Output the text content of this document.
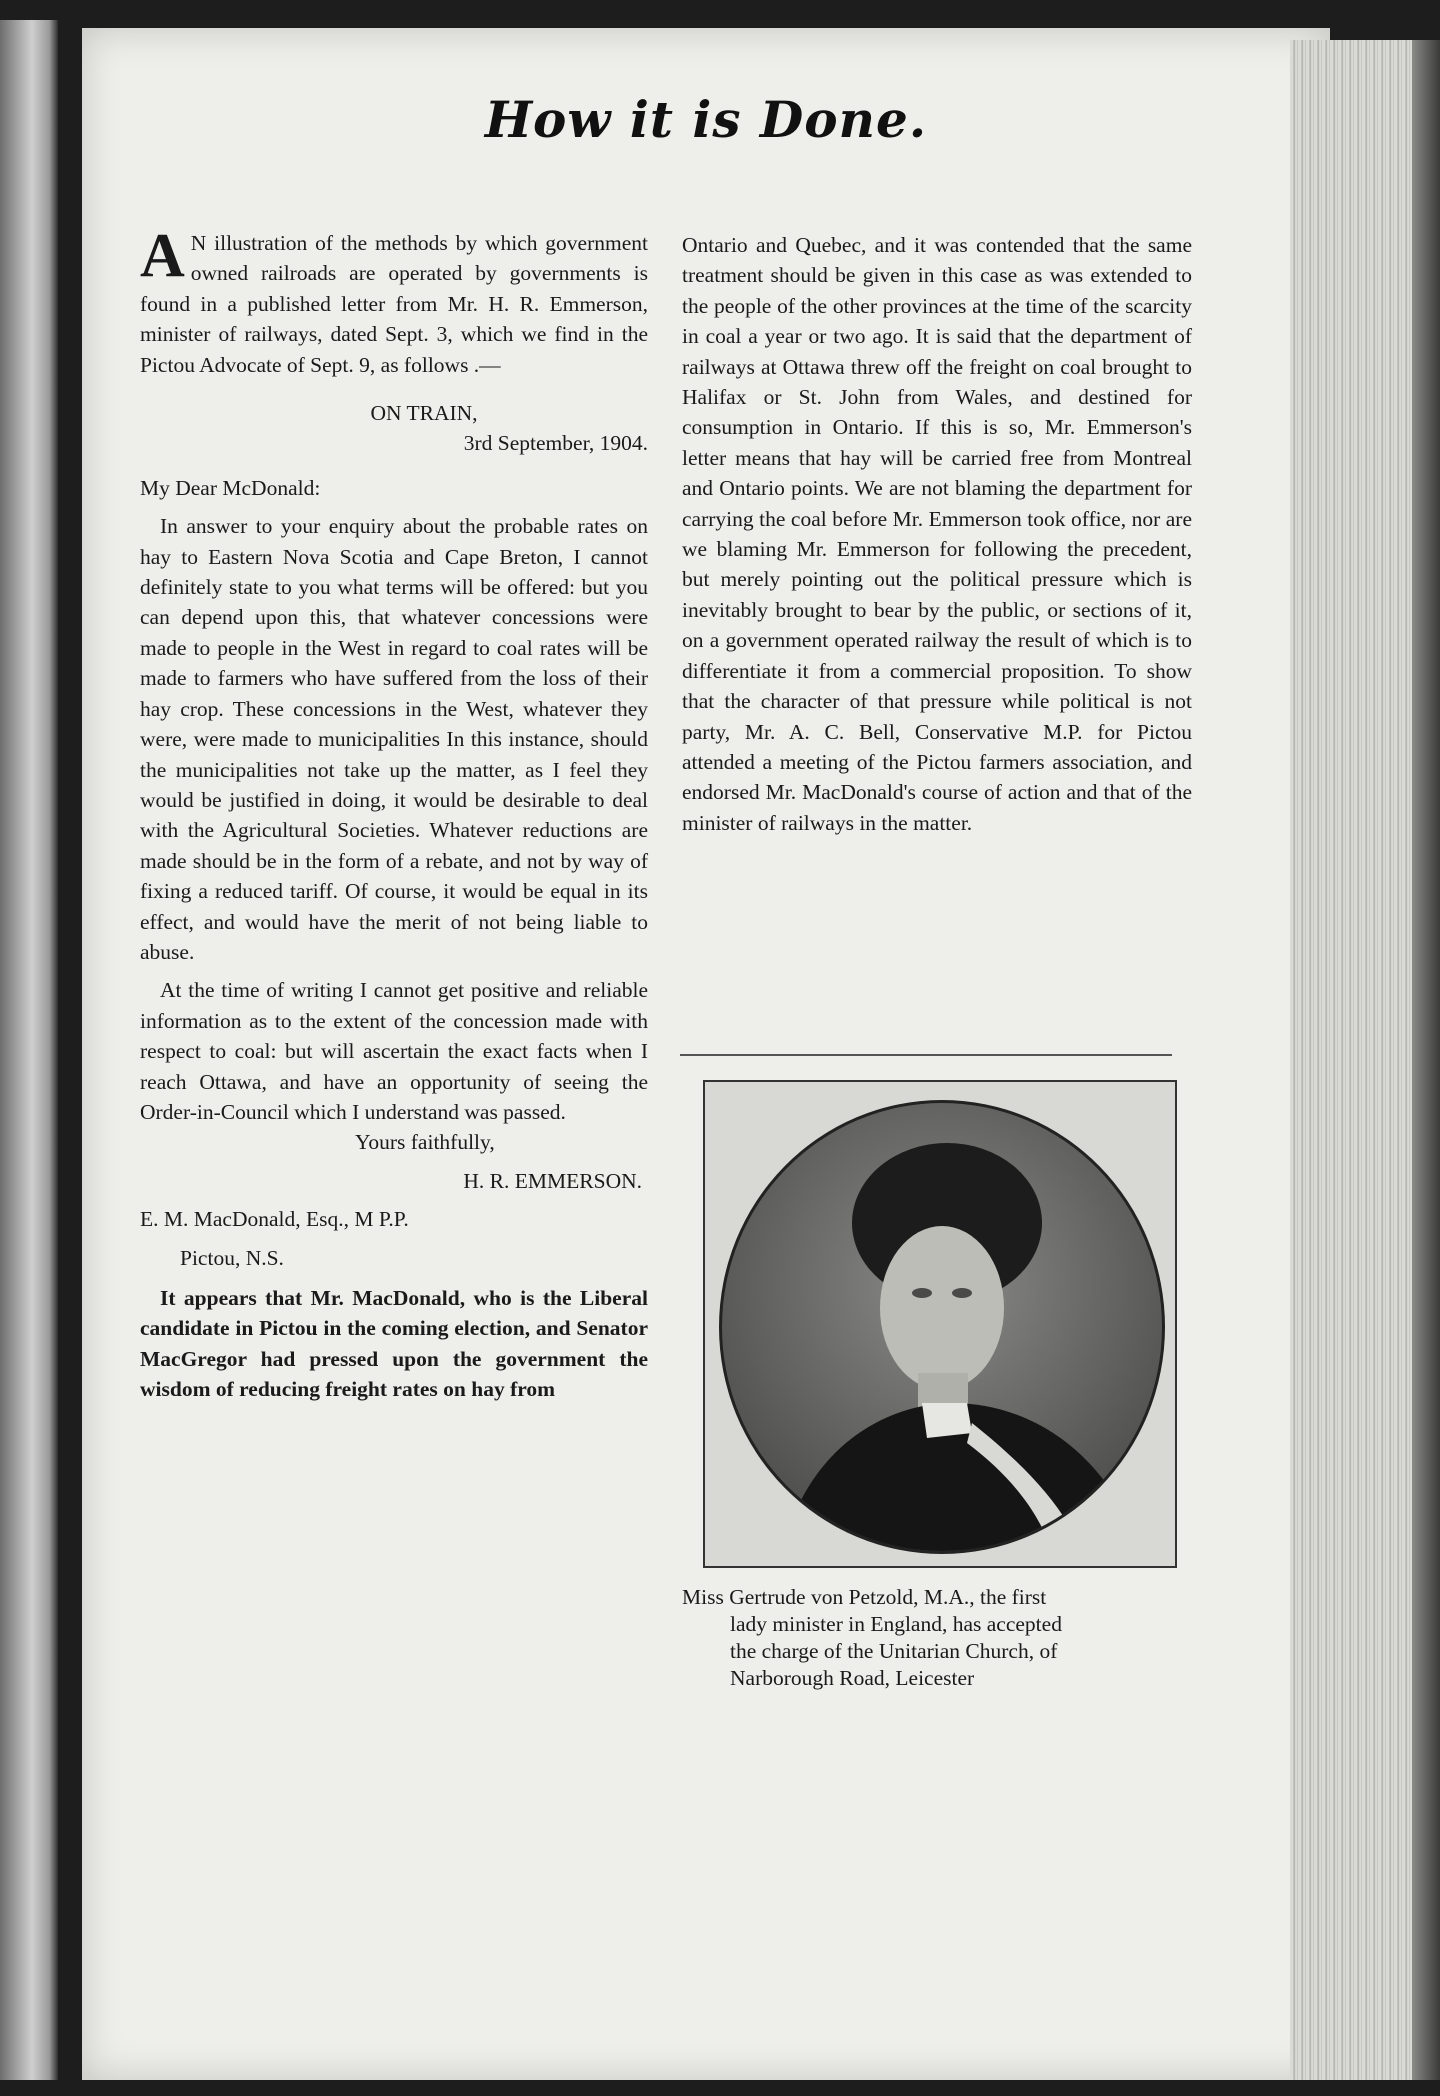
How it is Done.

A N illustration of the methods by which government owned railroads are operated by governments is found in a published letter from Mr. H. R. Emmerson, minister of railways, dated Sept. 3, which we find in the Pictou Advocate of Sept. 9, as follows .—

ON TRAIN,

3rd September, 1904.

My Dear McDonald:

In answer to your enquiry about the probable rates on hay to Eastern Nova Scotia and Cape Breton, I cannot definitely state to you what terms will be offered: but you can depend upon this, that whatever concessions were made to people in the West in regard to coal rates will be made to farmers who have suffered from the loss of their hay crop. These concessions in the West, whatever they were, were made to municipalities In this instance, should the municipalities not take up the matter, as I feel they would be justified in doing, it would be desirable to deal with the Agricultural Societies. Whatever reductions are made should be in the form of a rebate, and not by way of fixing a reduced tariff. Of course, it would be equal in its effect, and would have the merit of not being liable to abuse.

At the time of writing I cannot get positive and reliable information as to the extent of the concession made with respect to coal: but will ascertain the exact facts when I reach Ottawa, and have an opportunity of seeing the Order-in-Council which I understand was passed.

Yours faithfully,

H. R. EMMERSON.

E. M. MacDonald, Esq., M P.P.

Pictou, N.S.

It appears that Mr. MacDonald, who is the Liberal candidate in Pictou in the coming election, and Senator MacGregor had pressed upon the government the wisdom of reducing freight rates on hay from

Ontario and Quebec, and it was contended that the same treatment should be given in this case as was extended to the people of the other provinces at the time of the scarcity in coal a year or two ago. It is said that the department of railways at Ottawa threw off the freight on coal brought to Halifax or St. John from Wales, and destined for consumption in Ontario. If this is so, Mr. Emmerson's letter means that hay will be carried free from Montreal and Ontario points. We are not blaming the department for carrying the coal before Mr. Emmerson took office, nor are we blaming Mr. Emmerson for following the precedent, but merely pointing out the political pressure which is inevitably brought to bear by the public, or sections of it, on a government operated railway the result of which is to differentiate it from a commercial proposition. To show that the character of that pressure while political is not party, Mr. A. C. Bell, Conservative M.P. for Pictou attended a meeting of the Pictou farmers association, and endorsed Mr. MacDonald's course of action and that of the minister of railways in the matter.

Miss Gertrude von Petzold, M.A., the first
lady minister in England, has accepted
the charge of the Unitarian Church, of
Narborough Road, Leicester
